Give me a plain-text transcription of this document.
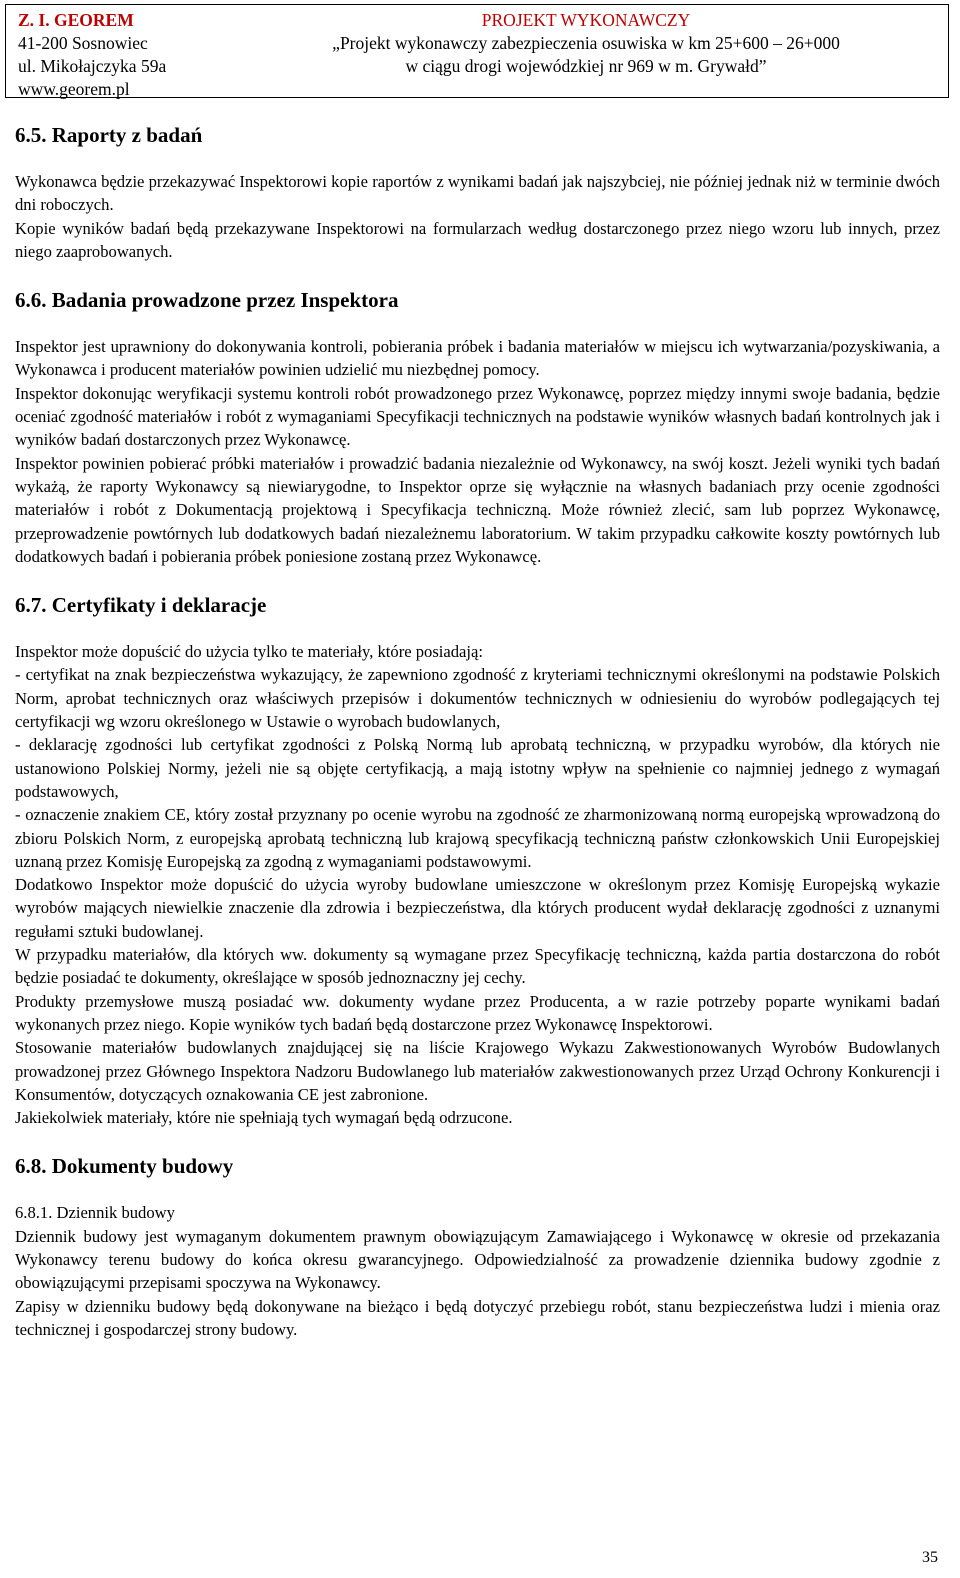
Z. I. GEOREM
41-200 Sosnowiec
ul. Mikołajczyka 59a
www.georem.pl
PROJEKT WYKONAWCZY
„Projekt wykonawczy zabezpieczenia osuwiska w km 25+600 – 26+000
w ciągu drogi wojewódzkiej nr 969 w m. Grywałd”
6.5. Raporty z badań

Wykonawca będzie przekazywać Inspektorowi kopie raportów z wynikami badań jak najszybciej, nie później jednak niż w terminie dwóch dni roboczych.

Kopie wyników badań będą przekazywane Inspektorowi na formularzach według dostarczonego przez niego wzoru lub innych, przez niego zaaprobowanych.

6.6. Badania prowadzone przez Inspektora

Inspektor jest uprawniony do dokonywania kontroli, pobierania próbek i badania materiałów w miejscu ich wytwarzania/pozyskiwania, a Wykonawca i producent materiałów powinien udzielić mu niezbędnej pomocy.

Inspektor dokonując weryfikacji systemu kontroli robót prowadzonego przez Wykonawcę, poprzez między innymi swoje badania, będzie oceniać zgodność materiałów i robót z wymaganiami Specyfikacji technicznych na podstawie wyników własnych badań kontrolnych jak i wyników badań dostarczonych przez Wykonawcę.

Inspektor powinien pobierać próbki materiałów i prowadzić badania niezależnie od Wykonawcy, na swój koszt. Jeżeli wyniki tych badań wykażą, że raporty Wykonawcy są niewiarygodne, to Inspektor oprze się wyłącznie na własnych badaniach przy ocenie zgodności materiałów i robót z Dokumentacją projektową i Specyfikacja techniczną. Może również zlecić, sam lub poprzez Wykonawcę, przeprowadzenie powtórnych lub dodatkowych badań niezależnemu laboratorium. W takim przypadku całkowite koszty powtórnych lub dodatkowych badań i pobierania próbek poniesione zostaną przez Wykonawcę.

6.7. Certyfikaty i deklaracje

Inspektor może dopuścić do użycia tylko te materiały, które posiadają:

- certyfikat na znak bezpieczeństwa wykazujący, że zapewniono zgodność z kryteriami technicznymi określonymi na podstawie Polskich Norm, aprobat technicznych oraz właściwych przepisów i dokumentów technicznych w odniesieniu do wyrobów podlegających tej certyfikacji wg wzoru określonego w Ustawie o wyrobach budowlanych,

- deklarację zgodności lub certyfikat zgodności z Polską Normą lub aprobatą techniczną, w przypadku wyrobów, dla których nie ustanowiono Polskiej Normy, jeżeli nie są objęte certyfikacją, a mają istotny wpływ na spełnienie co najmniej jednego z wymagań podstawowych,

- oznaczenie znakiem CE, który został przyznany po ocenie wyrobu na zgodność ze zharmonizowaną normą europejską wprowadzoną do zbioru Polskich Norm, z europejską aprobatą techniczną lub krajową specyfikacją techniczną państw członkowskich Unii Europejskiej uznaną przez Komisję Europejską za zgodną z wymaganiami podstawowymi.

Dodatkowo Inspektor może dopuścić do użycia wyroby budowlane umieszczone w określonym przez Komisję Europejską wykazie wyrobów mających niewielkie znaczenie dla zdrowia i bezpieczeństwa, dla których producent wydał deklarację zgodności z uznanymi regułami sztuki budowlanej.

W przypadku materiałów, dla których ww. dokumenty są wymagane przez Specyfikację techniczną, każda partia dostarczona do robót będzie posiadać te dokumenty, określające w sposób jednoznaczny jej cechy.

Produkty przemysłowe muszą posiadać ww. dokumenty wydane przez Producenta, a w razie potrzeby poparte wynikami badań wykonanych przez niego. Kopie wyników tych badań będą dostarczone przez Wykonawcę Inspektorowi.

Stosowanie materiałów budowlanych znajdującej się na liście Krajowego Wykazu Zakwestionowanych Wyrobów Budowlanych prowadzonej przez Głównego Inspektora Nadzoru Budowlanego lub materiałów zakwestionowanych przez Urząd Ochrony Konkurencji i Konsumentów, dotyczących oznakowania CE jest zabronione.

Jakiekolwiek materiały, które nie spełniają tych wymagań będą odrzucone.

6.8. Dokumenty budowy

6.8.1. Dziennik budowy

Dziennik budowy jest wymaganym dokumentem prawnym obowiązującym Zamawiającego i Wykonawcę w okresie od przekazania Wykonawcy terenu budowy do końca okresu gwarancyjnego. Odpowiedzialność za prowadzenie dziennika budowy zgodnie z obowiązującymi przepisami spoczywa na Wykonawcy.

Zapisy w dzienniku budowy będą dokonywane na bieżąco i będą dotyczyć przebiegu robót, stanu bezpieczeństwa ludzi i mienia oraz technicznej i gospodarczej strony budowy.

35
